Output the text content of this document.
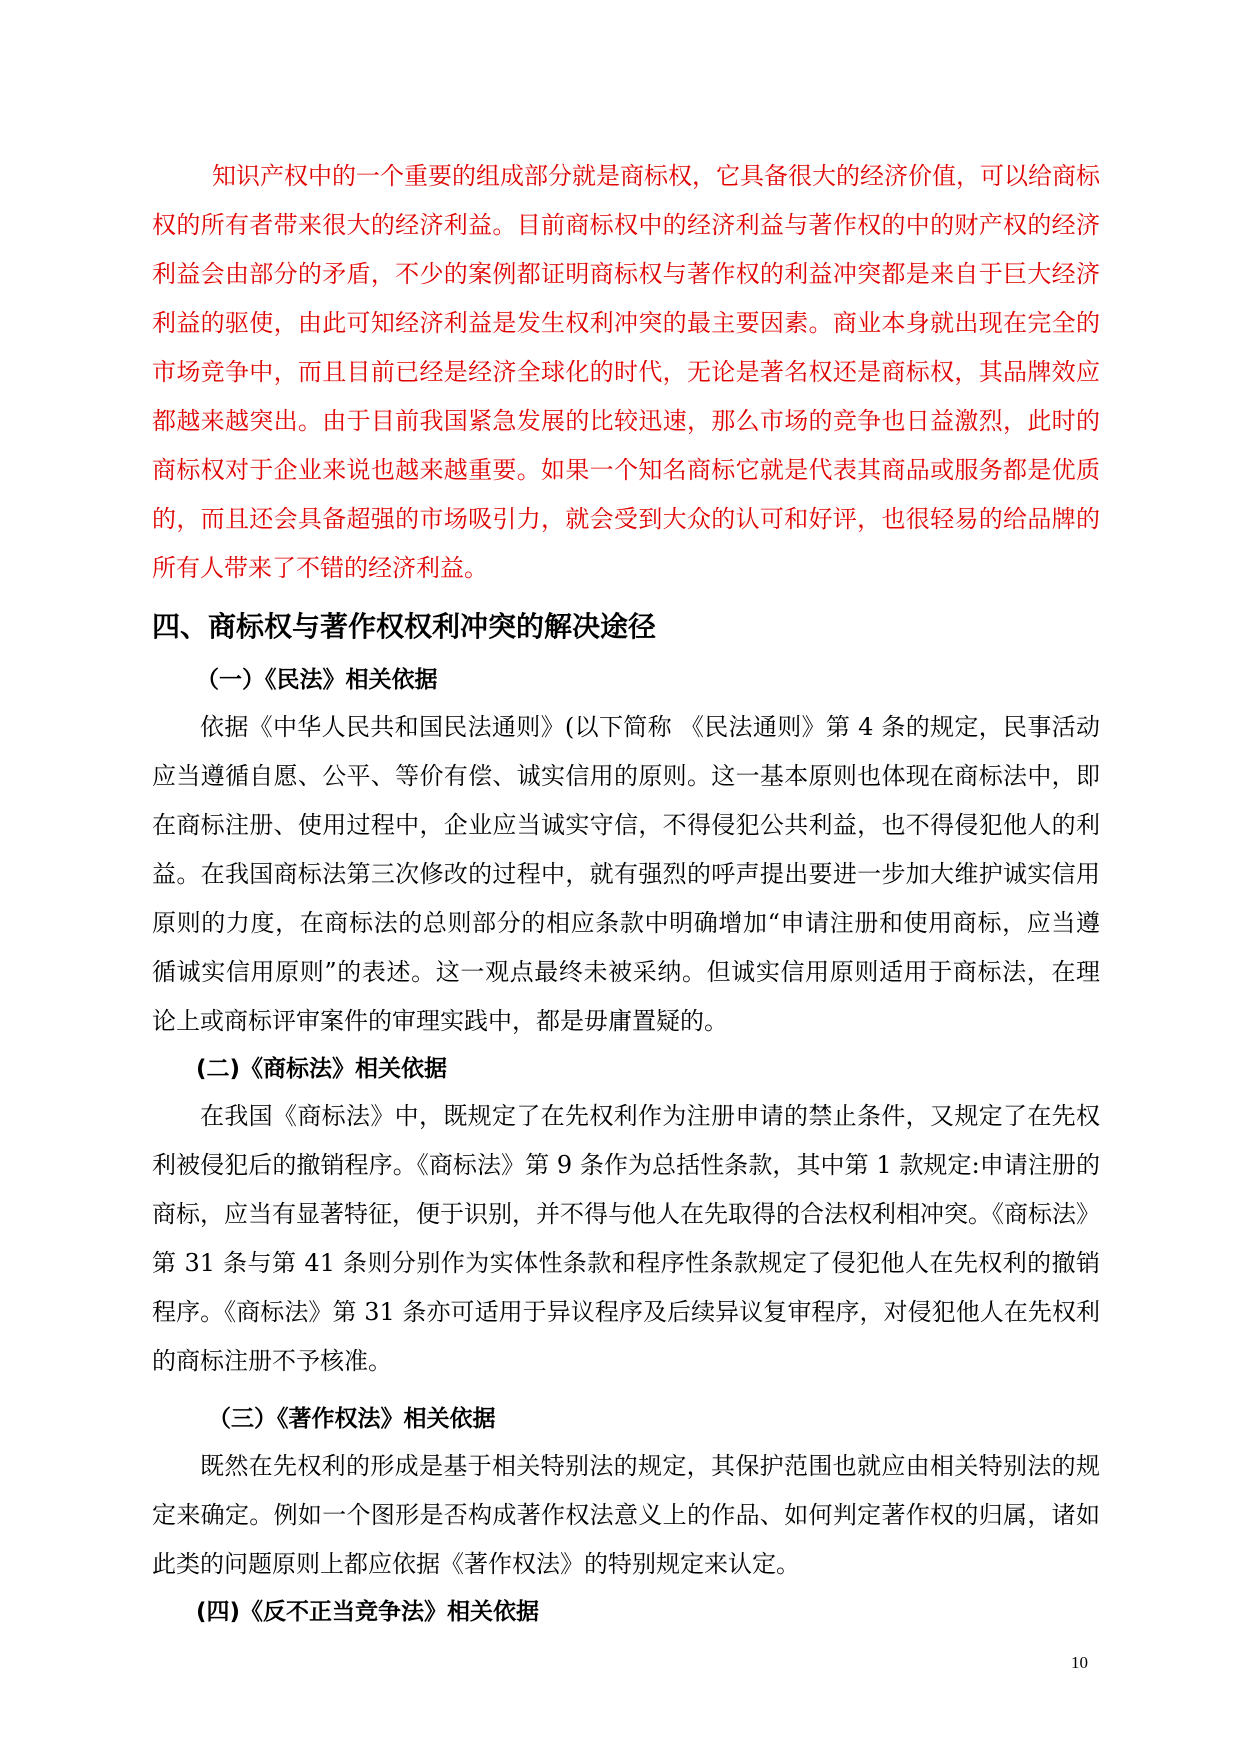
知识产权中的一个重要的组成部分就是商标权，它具备很大的经济价值，可以给商标权的所有者带来很大的经济利益。目前商标权中的经济利益与著作权的中的财产权的经济利益会由部分的矛盾，不少的案例都证明商标权与著作权的利益冲突都是来自于巨大经济利益的驱使，由此可知经济利益是发生权利冲突的最主要因素。商业本身就出现在完全的市场竞争中，而且目前已经是经济全球化的时代，无论是著名权还是商标权，其品牌效应都越来越突出。由于目前我国紧急发展的比较迅速，那么市场的竞争也日益激烈，此时的商标权对于企业来说也越来越重要。如果一个知名商标它就是代表其商品或服务都是优质的，而且还会具备超强的市场吸引力，就会受到大众的认可和好评，也很轻易的给品牌的所有人带来了不错的经济利益。

四、商标权与著作权权利冲突的解决途径
（一）《民法》相关依据

依据《中华人民共和国民法通则》(以下简称 《民法通则》第 4 条的规定，民事活动应当遵循自愿、公平、等价有偿、诚实信用的原则。这一基本原则也体现在商标法中，即在商标注册、使用过程中，企业应当诚实守信，不得侵犯公共利益，也不得侵犯他人的利益。在我国商标法第三次修改的过程中，就有强烈的呼声提出要进一步加大维护诚实信用原则的力度，在商标法的总则部分的相应条款中明确增加“申请注册和使用商标，应当遵循诚实信用原则”的表述。这一观点最终未被采纳。但诚实信用原则适用于商标法，在理论上或商标评审案件的审理实践中，都是毋庸置疑的。

(二)《商标法》相关依据

在我国《商标法》中，既规定了在先权利作为注册申请的禁止条件，又规定了在先权利被侵犯后的撤销程序。《商标法》第 9 条作为总括性条款，其中第 1 款规定:申请注册的商标，应当有显著特征，便于识别，并不得与他人在先取得的合法权利相冲突。《商标法》第 31 条与第 41 条则分别作为实体性条款和程序性条款规定了侵犯他人在先权利的撤销程序。《商标法》第 31 条亦可适用于异议程序及后续异议复审程序，对侵犯他人在先权利的商标注册不予核准。

（三）《著作权法》相关依据

既然在先权利的形成是基于相关特别法的规定，其保护范围也就应由相关特别法的规定来确定。例如一个图形是否构成著作权法意义上的作品、如何判定著作权的归属，诸如此类的问题原则上都应依据《著作权法》的特别规定来认定。

(四)《反不正当竞争法》相关依据
10
